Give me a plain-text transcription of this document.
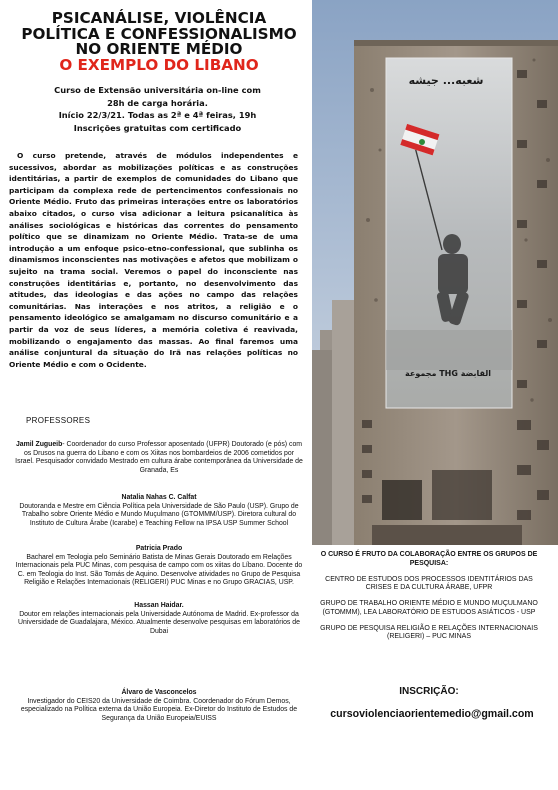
PSICANÁLISE, VIOLÊNCIA
POLÍTICA E CONFESSIONALISMO
NO ORIENTE MÉDIO
O EXEMPLO DO LIBANO
Curso de Extensão universitária on-line com
28h de carga horária.
Início 22/3/21. Todas as 2ª e 4ª feiras, 19h
Inscrições gratuitas com certificado

O curso pretende, através de módulos independentes e sucessivos, abordar as mobilizações políticas e as construções identitárias, a partir de exemplos de comunidades do Libano que participam da complexa rede de pertencimentos confessionais no Oriente Médio. Fruto das primeiras interações entre os laboratórios abaixo citados, o curso visa adicionar a leitura psicanalítica às análises sociológicas e históricas das correntes do pensamento político que se dinamizam no Oriente Médio. Trata-se de uma introdução a um enfoque psico-etno-confessional, que sublinha os dinamismos inconscientes nas motivações e afetos que mobilizam o sujeito na trama social. Veremos o papel do inconsciente nas construções identitárias e, portanto, no desenvolvimento das atitudes, das ideologias e das ações no campo das relações comunitárias. Nas interações e nos atritos, a religião e o pensamento ideológico se amalgamam no discurso comunitário e a partir da voz de seus líderes, a memória coletiva é reavivada, mobilizando o engajamento das massas. Ao final faremos uma análise conjuntural da situação do Irã nas relações políticas no Oriente Médio e com o Ocidente.

PROFESSORES
Jamil Zugueib- Coordenador do curso Professor aposentado (UFPR) Doutorado (e pós) com os Drusos na guerra do Libano e com os Xiitas nos bombardeios de 2006 cometidos por Israel. Pesquisador convidado Mestrado em cultura árabe contemporânea da Universidade de Granada, Es
Natalia Nahas C. Calfat
Doutoranda e Mestre em Ciência Política pela Universidade de São Paulo (USP). Grupo de Trabalho sobre Oriente Médio e Mundo Muçulmano (GTOMMM/USP). Diretora cultural do Instituto de Cultura Árabe (Icarabe) e Teaching Fellow na IPSA USP Summer School
Patricia Prado
Bacharel em Teologia pelo Seminário Batista de Minas Gerais Doutorado em Relações Internacionais pela PUC Minas, com pesquisa de campo com os xiitas do Líbano. Docente do C. em Teologia do Inst. São Tomás de Aquino. Desenvolve atividades no Grupo de Pesquisa Religião e Relações Internacionais (RELIGERI) PUC Minas e no Grupo GRACIAS, USP.
Hassan Haidar.
Doutor em relações internacionais pela Universidade Autónoma de Madrid. Ex-professor da Universidade de Guadalajara, México. Atualmente desenvolve pesquisas em laboratórios de Dubai
Álvaro de Vasconcelos
Investigador do CEIS20 da Universidade de Coimbra. Coordenador do Fórum Demos, especializado na Política externa da União Europeia. Ex-Diretor do Instituto de Estudos de Segurança da União Europeia/EUISS
شعبه... جيشه
مجموعة THG القابضة
O CURSO É FRUTO DA COLABORAÇÃO ENTRE OS GRUPOS DE PESQUISA:
CENTRO DE ESTUDOS DOS PROCESSOS IDENTITÁRIOS DAS CRISES E DA CULTURA ÁRABE, UFPR
GRUPO DE TRABALHO ORIENTE MÉDIO E MUNDO MUÇULMANO (GTOMMM), LEA LABORATÓRIO DE ESTUDOS ASIÁTICOS - USP
GRUPO DE PESQUISA RELIGIÃO E RELAÇÕES INTERNACIONAIS (RELIGERI) – PUC MINAS
INSCRIÇÃO:
cursoviolenciaorientemedio@gmail.com
